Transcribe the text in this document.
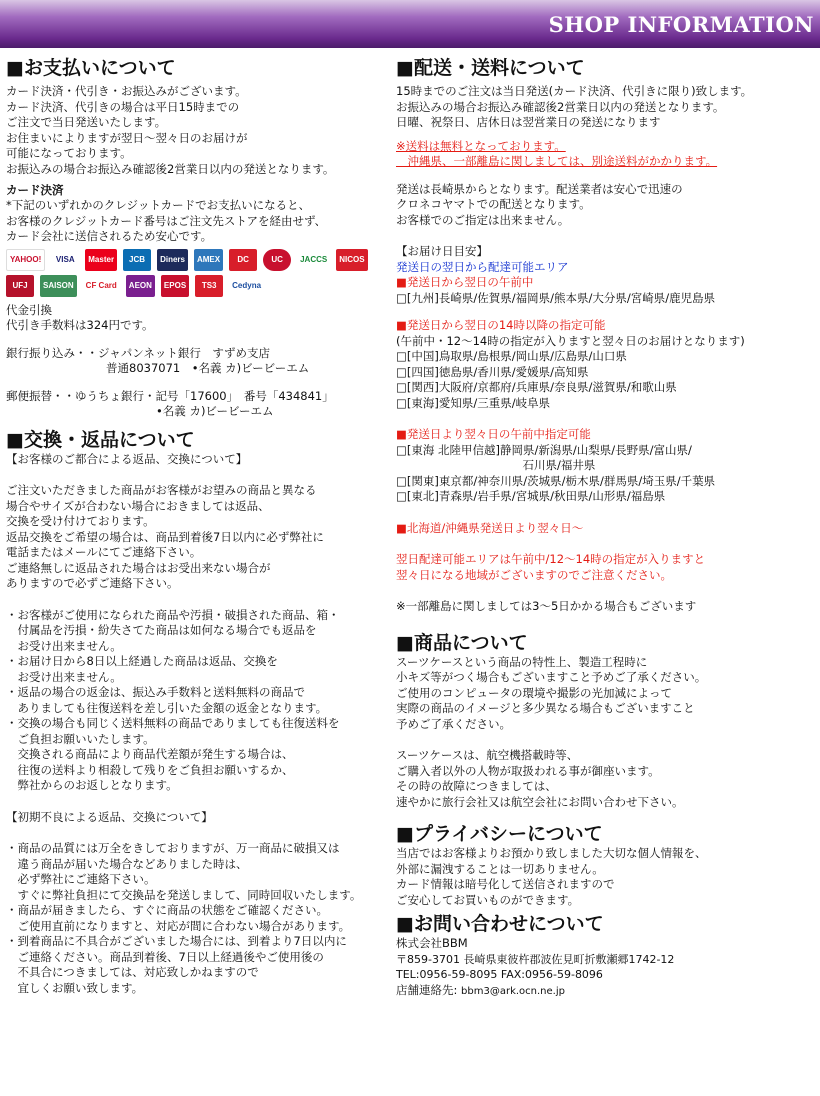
SHOP INFORMATION
■お支払いについて
カード決済・代引き・お振込みがございます。
カード決済、代引きの場合は平日15時までの
ご注文で当日発送いたします。
お住まいによりますが翌日～翌々日のお届けが
可能になっております。
お振込みの場合お振込み確認後2営業日以内の発送となります。
カード決済
*下記のいずれかのクレジットカードでお支払いになると、
お客様のクレジットカード番号はご注文先ストアを経由せず、
カード会社に送信されるため安心です。
YAHOO!	VISA	Master	JCB	Diners	AMEX	DC	UC	JACCS	NICOS
UFJ	SAISON	CF Card	AEON	EPOS	TS3	Cedyna
代金引換
代引き手数料は324円です。
銀行振り込み・・ジャパンネット銀行　すずめ支店
普通8037071　•名義 カ)ビービーエム
郵便振替・・ゆうちょ銀行・記号「17600」　番号「434841」
•名義 カ)ビービーエム
■交換・返品について
【お客様のご都合による返品、交換について】
ご注文いただきました商品がお客様がお望みの商品と異なる
場合やサイズが合わない場合におきましては返品、
交換を受け付けております。
返品交換をご希望の場合は、商品到着後7日以内に必ず弊社に
電話またはメールにてご連絡下さい。
ご連絡無しに返品された場合はお受出来ない場合が
ありますので必ずご連絡下さい。
・お客様がご使用になられた商品や汚損・破損された商品、箱・
　付属品を汚損・紛失さてた商品は如何なる場合でも返品を
　お受け出来ません。
・お届け日から8日以上経過した商品は返品、交換を
　お受け出来ません。
・返品の場合の返金は、振込み手数料と送料無料の商品で
　ありましても往復送料を差し引いた金額の返金となります。
・交換の場合も同じく送料無料の商品でありましても往復送料を
　ご負担お願いいたします。
　交換される商品により商品代差額が発生する場合は、
　往復の送料より相殺して残りをご負担お願いするか、
　弊社からのお返しとなります。
【初期不良による返品、交換について】
・商品の品質には万全をきしておりますが、万一商品に破損又は
　違う商品が届いた場合などありました時は、
　必ず弊社にご連絡下さい。
　すぐに弊社負担にて交換品を発送しまして、同時回収いたします。
・商品が届きましたら、すぐに商品の状態をご確認ください。
　ご使用直前になりますと、対応が間に合わない場合があります。
・到着商品に不具合がございました場合には、到着より7日以内に
　ご連絡ください。商品到着後、7日以上経過後やご使用後の
　不具合につきましては、対応致しかねますので
　宜しくお願い致します。
■配送・送料について
15時までのご注文は当日発送(カード決済、代引きに限り)致します。
お振込みの場合お振込み確認後2営業日以内の発送となります。
日曜、祝祭日、店休日は翌営業日の発送になります
※送料は無料となっております。
　沖縄県、一部離島に関しましては、別途送料がかかります。
発送は長崎県からとなります。配送業者は安心で迅速の
クロネコヤマトでの配送となります。
お客様でのご指定は出来ません。
【お届け日目安】
発送日の翌日から配達可能エリア
■発送日から翌日の午前中
□[九州]長崎県/佐賀県/福岡県/熊本県/大分県/宮崎県/鹿児島県
■発送日から翌日の14時以降の指定可能
(午前中・12～14時の指定が入りますと翌々日のお届けとなります)
□[中国]鳥取県/島根県/岡山県/広島県/山口県
□[四国]徳島県/香川県/愛媛県/高知県
□[関西]大阪府/京都府/兵庫県/奈良県/滋賀県/和歌山県
□[東海]愛知県/三重県/岐阜県
■発送日より翌々日の午前中指定可能
□[東海 北陸甲信越]静岡県/新潟県/山梨県/長野県/富山県/
　　　　　　　　　　　石川県/福井県
□[関東]東京都/神奈川県/茨城県/栃木県/群馬県/埼玉県/千葉県
□[東北]青森県/岩手県/宮城県/秋田県/山形県/福島県
■北海道/沖縄県発送日より翌々日～
翌日配達可能エリアは午前中/12～14時の指定が入りますと
翌々日になる地域がございますのでご注意ください。
※一部離島に関しましては3～5日かかる場合もございます
■商品について
スーツケースという商品の特性上、製造工程時に
小キズ等がつく場合もございますこと予めご了承ください。
ご使用のコンピュータの環境や撮影の光加減によって
実際の商品のイメージと多少異なる場合もございますこと
予めご了承ください。
スーツケースは、航空機搭載時等、
ご購入者以外の人物が取扱われる事が御座います。
その時の故障につきましては、
速やかに旅行会社又は航空会社にお問い合わせ下さい。
■プライバシーについて
当店ではお客様よりお預かり致しました大切な個人情報を、
外部に漏洩することは一切ありません。
カード情報は暗号化して送信されますので
ご安心してお買いものができます。
■お問い合わせについて
株式会社BBM
〒859-3701 長崎県東彼杵郡波佐見町折敷瀬郷1742-12
TEL:0956-59-8095 FAX:0956-59-8096
店舗連絡先: bbm3@ark.ocn.ne.jp
